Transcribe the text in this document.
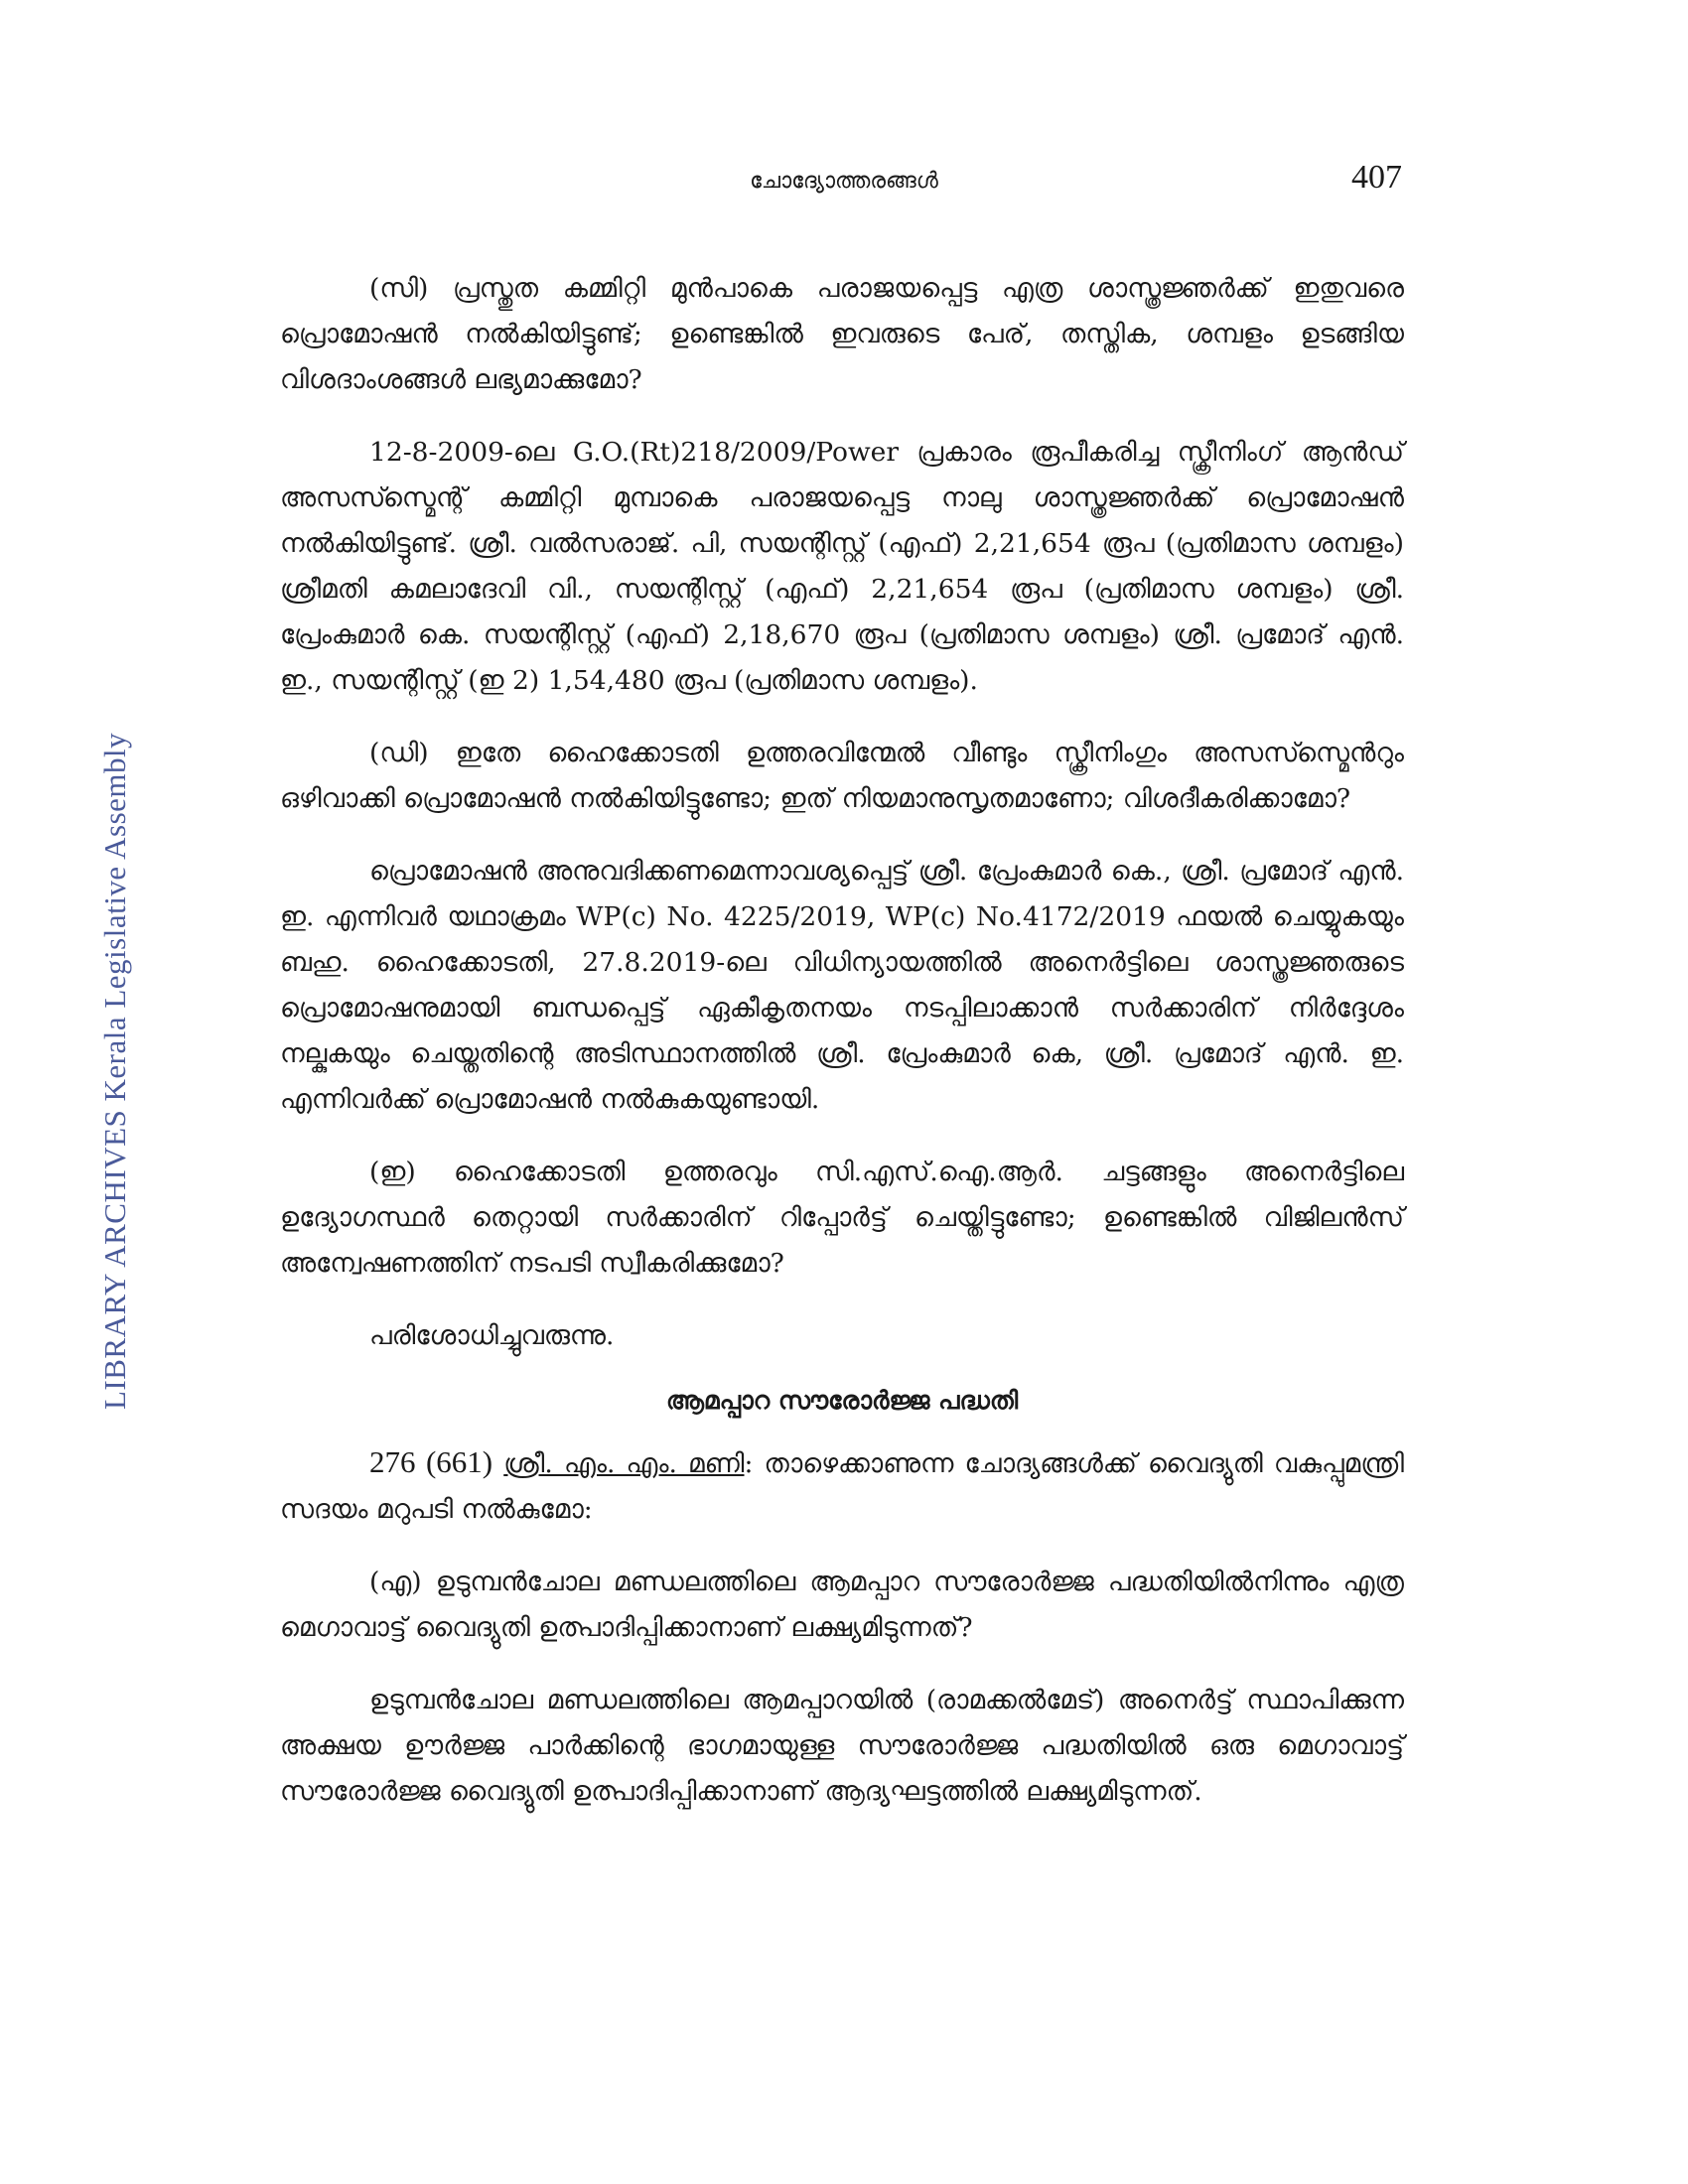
LIBRARY ARCHIVES Kerala Legislative Assembly
ചോദ്യോത്തരങ്ങൾ	407

(സി) പ്രസ്തുത കമ്മിറ്റി മുൻപാകെ പരാജയപ്പെട്ട എത്ര ശാസ്ത്രജ്ഞർക്ക് ഇതുവരെ പ്രൊമോഷൻ നൽകിയിട്ടുണ്ട്; ഉണ്ടെങ്കിൽ ഇവരുടെ പേര്, തസ്തിക, ശമ്പളം ഉടങ്ങിയ വിശദാംശങ്ങൾ ലഭ്യമാക്കുമോ?

12-8-2009-ലെ G.O.(Rt)218/2009/Power പ്രകാരം രൂപീകരിച്ച സ്ക്രീനിംഗ് ആൻഡ് അസസ്സ്മെന്റ് കമ്മിറ്റി മുമ്പാകെ പരാജയപ്പെട്ട നാലു ശാസ്ത്രജ്ഞർക്ക് പ്രൊമോഷൻ നൽകിയിട്ടുണ്ട്. ശ്രീ. വൽസരാജ്. പി, സയന്റിസ്റ്റ് (എഫ്) 2,21,654 രൂപ (പ്രതിമാസ ശമ്പളം) ശ്രീമതി കമലാദേവി വി., സയന്റിസ്റ്റ് (എഫ്) 2,21,654 രൂപ (പ്രതിമാസ ശമ്പളം) ശ്രീ. പ്രേംകുമാർ കെ. സയന്റിസ്റ്റ് (എഫ്) 2,18,670 രൂപ (പ്രതിമാസ ശമ്പളം) ശ്രീ. പ്രമോദ് എൻ. ഇ., സയന്റിസ്റ്റ് (ഇ 2) 1,54,480 രൂപ (പ്രതിമാസ ശമ്പളം).

(ഡി) ഇതേ ഹൈക്കോടതി ഉത്തരവിന്മേൽ വീണ്ടും സ്ക്രീനിംഗും അസസ്സ്മെൻറും ഒഴിവാക്കി പ്രൊമോഷൻ നൽകിയിട്ടുണ്ടോ; ഇത് നിയമാനുസൃതമാണോ; വിശദീകരിക്കാമോ?

പ്രൊമോഷൻ അനുവദിക്കണമെന്നാവശ്യപ്പെട്ട് ശ്രീ. പ്രേംകുമാർ കെ., ശ്രീ. പ്രമോദ് എൻ. ഇ. എന്നിവർ യഥാക്രമം WP(c) No. 4225/2019, WP(c) No.4172/2019 ഫയൽ ചെയ്യുകയും ബഹു. ഹൈക്കോടതി, 27.8.2019-ലെ വിധിന്യായത്തിൽ അനെർട്ടിലെ ശാസ്ത്രജ്ഞരുടെ പ്രൊമോഷനുമായി ബന്ധപ്പെട്ട് ഏകീകൃതനയം നടപ്പിലാക്കാൻ സർക്കാരിന് നിർദ്ദേശം നല്കുകയും ചെയ്തതിന്റെ അടിസ്ഥാനത്തിൽ ശ്രീ. പ്രേംകുമാർ കെ, ശ്രീ. പ്രമോദ് എൻ. ഇ. എന്നിവർക്ക് പ്രൊമോഷൻ നൽകുകയുണ്ടായി.

(ഇ) ഹൈക്കോടതി ഉത്തരവും സി.എസ്.ഐ.ആർ. ചട്ടങ്ങളും അനെർട്ടിലെ ഉദ്യോഗസ്ഥർ തെറ്റായി സർക്കാരിന് റിപ്പോർട്ട് ചെയ്തിട്ടുണ്ടോ; ഉണ്ടെങ്കിൽ വിജിലൻസ് അന്വേഷണത്തിന് നടപടി സ്വീകരിക്കുമോ?

പരിശോധിച്ചുവരുന്നു.

ആമപ്പാറ സൗരോർജ്ജ പദ്ധതി

276 (661) ശ്രീ. എം. എം. മണി: താഴെക്കാണുന്ന ചോദ്യങ്ങൾക്ക് വൈദ്യുതി വകുപ്പുമന്ത്രി സദയം മറുപടി നൽകുമോ:

(എ) ഉടുമ്പൻചോല മണ്ഡലത്തിലെ ആമപ്പാറ സൗരോർജ്ജ പദ്ധതിയിൽനിന്നും എത്ര മെഗാവാട്ട് വൈദ്യുതി ഉത്പാദിപ്പിക്കാനാണ് ലക്ഷ്യമിടുന്നത്?

ഉടുമ്പൻചോല മണ്ഡലത്തിലെ ആമപ്പാറയിൽ (രാമക്കൽമേട്) അനെർട്ട് സ്ഥാപിക്കുന്ന അക്ഷയ ഊർജ്ജ പാർക്കിന്റെ ഭാഗമായുള്ള സൗരോർജ്ജ പദ്ധതിയിൽ ഒരു മെഗാവാട്ട് സൗരോർജ്ജ വൈദ്യുതി ഉത്പാദിപ്പിക്കാനാണ് ആദ്യഘട്ടത്തിൽ ലക്ഷ്യമിടുന്നത്.
